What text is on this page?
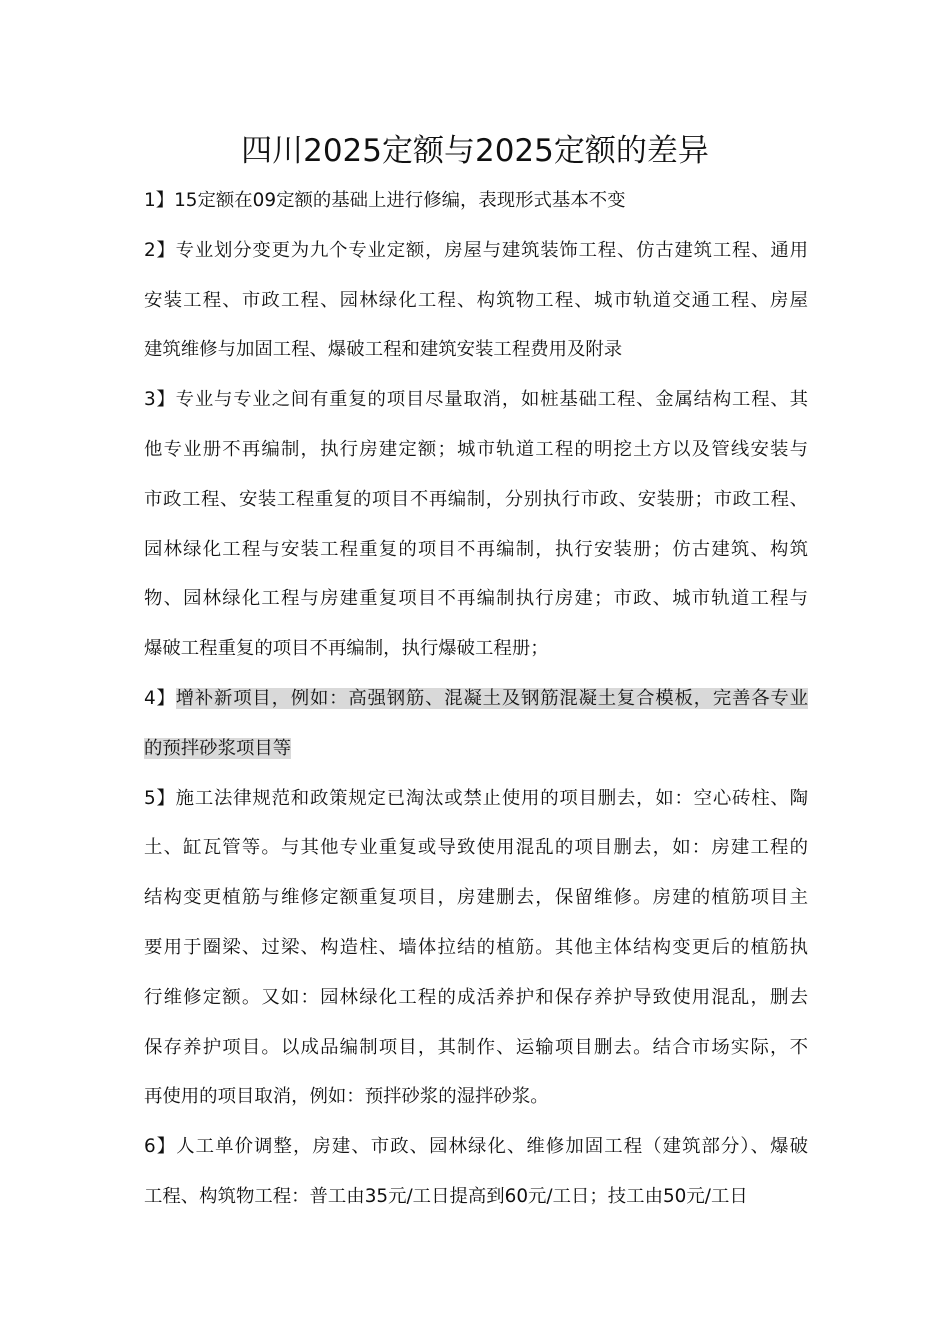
四川2025定额与2025定额的差异
1】15定额在09定额的基础上进行修编，表现形式基本不变
2】专业划分变更为九个专业定额，房屋与建筑装饰工程、仿古建筑工程、通用
安装工程、市政工程、园林绿化工程、构筑物工程、城市轨道交通工程、房屋
建筑维修与加固工程、爆破工程和建筑安装工程费用及附录
3】专业与专业之间有重复的项目尽量取消，如桩基础工程、金属结构工程、其
他专业册不再编制，执行房建定额；城市轨道工程的明挖土方以及管线安装与
市政工程、安装工程重复的项目不再编制，分别执行市政、安装册；市政工程、
园林绿化工程与安装工程重复的项目不再编制，执行安装册；仿古建筑、构筑
物、园林绿化工程与房建重复项目不再编制执行房建；市政、城市轨道工程与
爆破工程重复的项目不再编制，执行爆破工程册；
4】增补新项目，例如：高强钢筋、混凝土及钢筋混凝土复合模板，完善各专业
的预拌砂浆项目等
5】施工法律规范和政策规定已淘汰或禁止使用的项目删去，如：空心砖柱、陶
土、缸瓦管等。与其他专业重复或导致使用混乱的项目删去，如：房建工程的
结构变更植筋与维修定额重复项目，房建删去，保留维修。房建的植筋项目主
要用于圈梁、过梁、构造柱、墙体拉结的植筋。其他主体结构变更后的植筋执
行维修定额。又如：园林绿化工程的成活养护和保存养护导致使用混乱，删去
保存养护项目。以成品编制项目，其制作、运输项目删去。结合市场实际，不
再使用的项目取消，例如：预拌砂浆的湿拌砂浆。
6】人工单价调整，房建、市政、园林绿化、维修加固工程（建筑部分）、爆破
工程、构筑物工程：普工由35元/工日提高到60元/工日；技工由50元/工日
